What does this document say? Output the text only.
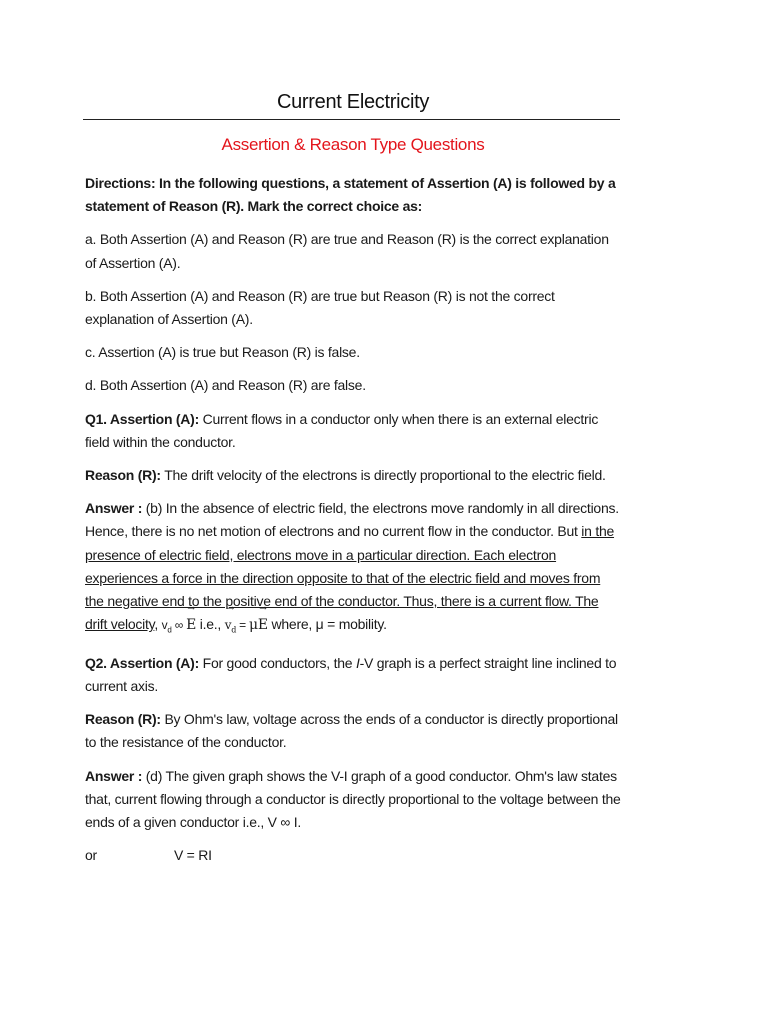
Current Electricity
Assertion & Reason Type Questions

Directions: In the following questions, a statement of Assertion (A) is followed by a statement of Reason (R). Mark the correct choice as:

a. Both Assertion (A) and Reason (R) are true and Reason (R) is the correct explanation of Assertion (A).

b. Both Assertion (A) and Reason (R) are true but Reason (R) is not the correct explanation of Assertion (A).

c. Assertion (A) is true but Reason (R) is false.

d. Both Assertion (A) and Reason (R) are false.

Q1. Assertion (A): Current flows in a conductor only when there is an external electric field within the conductor.

Reason (R): The drift velocity of the electrons is directly proportional to the electric field.

Answer : (b) In the absence of electric field, the electrons move randomly in all directions. Hence, there is no net motion of electrons and no current flow in the conductor. But in the presence of electric field, electrons move in a particular direction. Each electron experiences a force in the direction opposite to that of the electric field and moves from the negative end to the positive end of the conductor. Thus, there is a current flow. The drift velocity, $v_d$ ∞ → E i.e., → $v_d = \mu\to E$ where, μ = mobility.

Q2. Assertion (A): For good conductors, the I-V graph is a perfect straight line inclined to current axis.

Reason (R): By Ohm's law, voltage across the ends of a conductor is directly proportional to the resistance of the conductor.

Answer : (d) The given graph shows the V-I graph of a good conductor. Ohm's law states that, current flowing through a conductor is directly proportional to the voltage between the ends of a given conductor i.e., V ∞ I.

or	V = RI
